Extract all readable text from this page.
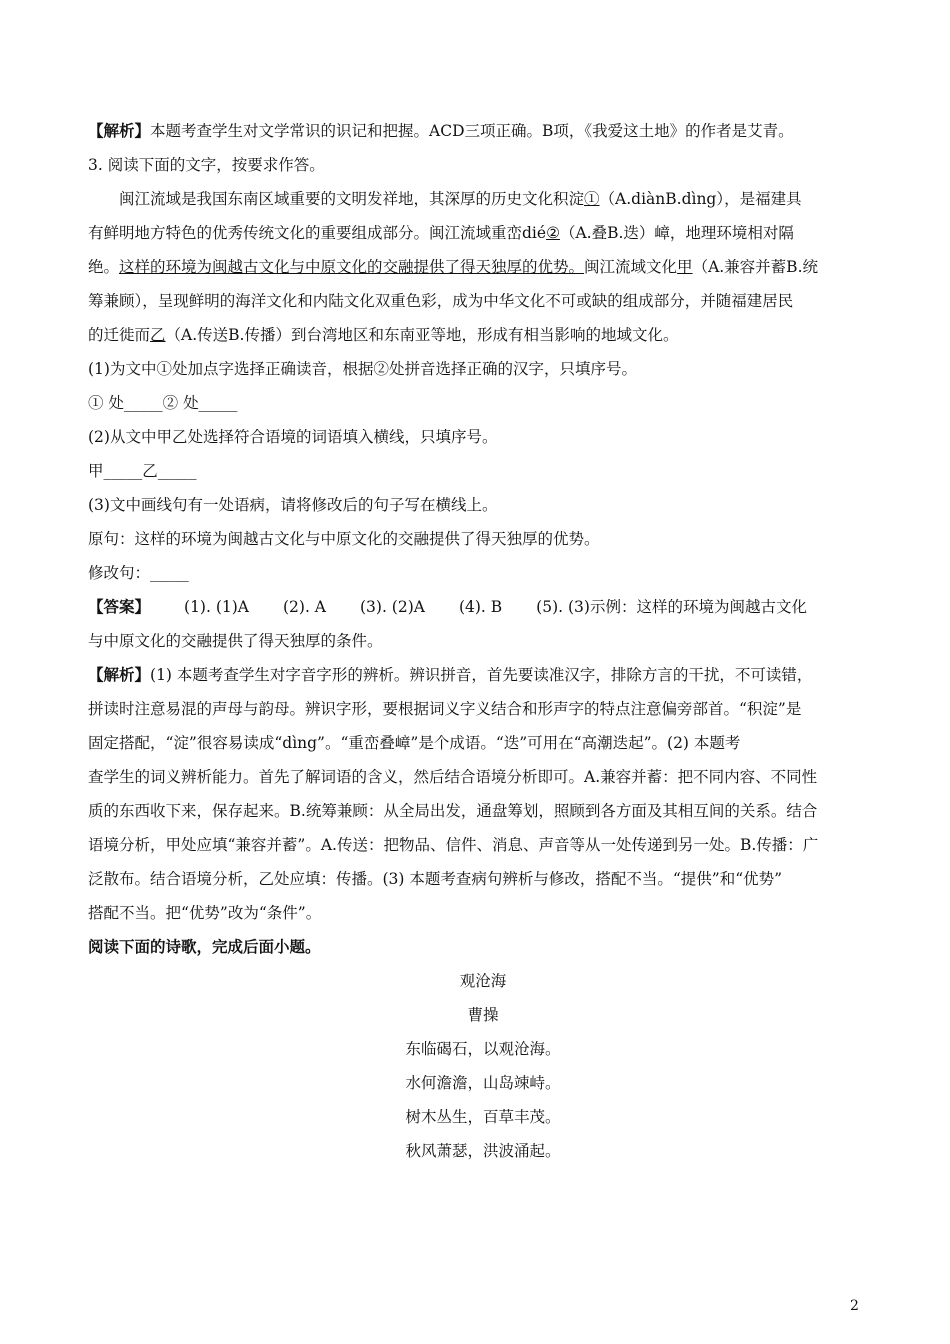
【解析】本题考查学生对文学常识的识记和把握。ACD三项正确。B项，《我爱这土地》的作者是艾青。
3. 阅读下面的文字，按要求作答。
闽江流域是我国东南区域重要的文明发祥地，其深厚的历史文化积淀①（A.diànB.dìng），是福建具
有鲜明地方特色的优秀传统文化的重要组成部分。闽江流域重峦dié②（A.叠B.迭）嶂，地理环境相对隔
绝。这样的环境为闽越古文化与中原文化的交融提供了得天独厚的优势。闽江流域文化甲（A.兼容并蓄B.统
筹兼顾），呈现鲜明的海洋文化和内陆文化双重色彩，成为中华文化不可或缺的组成部分，并随福建居民
的迁徙而乙（A.传送B.传播）到台湾地区和东南亚等地，形成有相当影响的地域文化。
(1)为文中①处加点字选择正确读音，根据②处拼音选择正确的汉字，只填序号。
① 处_____② 处_____
(2)从文中甲乙处选择符合语境的词语填入横线，只填序号。
甲_____乙_____
(3)文中画线句有一处语病，请将修改后的句子写在横线上。
原句：这样的环境为闽越古文化与中原文化的交融提供了得天独厚的优势。
修改句：_____
【答案】 (1). (1)A (2). A (3). (2)A (4). B (5). (3)示例：这样的环境为闽越古文化
与中原文化的交融提供了得天独厚的条件。
【解析】(1) 本题考查学生对字音字形的辨析。辨识拼音，首先要读准汉字，排除方言的干扰，不可读错，
拼读时注意易混的声母与韵母。辨识字形，要根据词义字义结合和形声字的特点注意偏旁部首。“积淀”是
固定搭配，“淀”很容易读成“dìng”。“重峦叠嶂”是个成语。“迭”可用在“高潮迭起”。(2) 本题考
查学生的词义辨析能力。首先了解词语的含义，然后结合语境分析即可。A.兼容并蓄：把不同内容、不同性
质的东西收下来，保存起来。B.统筹兼顾：从全局出发，通盘筹划，照顾到各方面及其相互间的关系。结合
语境分析，甲处应填“兼容并蓄”。A.传送：把物品、信件、消息、声音等从一处传递到另一处。B.传播：广
泛散布。结合语境分析，乙处应填：传播。(3) 本题考查病句辨析与修改，搭配不当。“提供”和“优势”
搭配不当。把“优势”改为“条件”。
阅读下面的诗歌，完成后面小题。
观沧海
曹操
东临碣石，以观沧海。
水何澹澹，山岛竦峙。
树木丛生，百草丰茂。
秋风萧瑟，洪波涌起。
2
